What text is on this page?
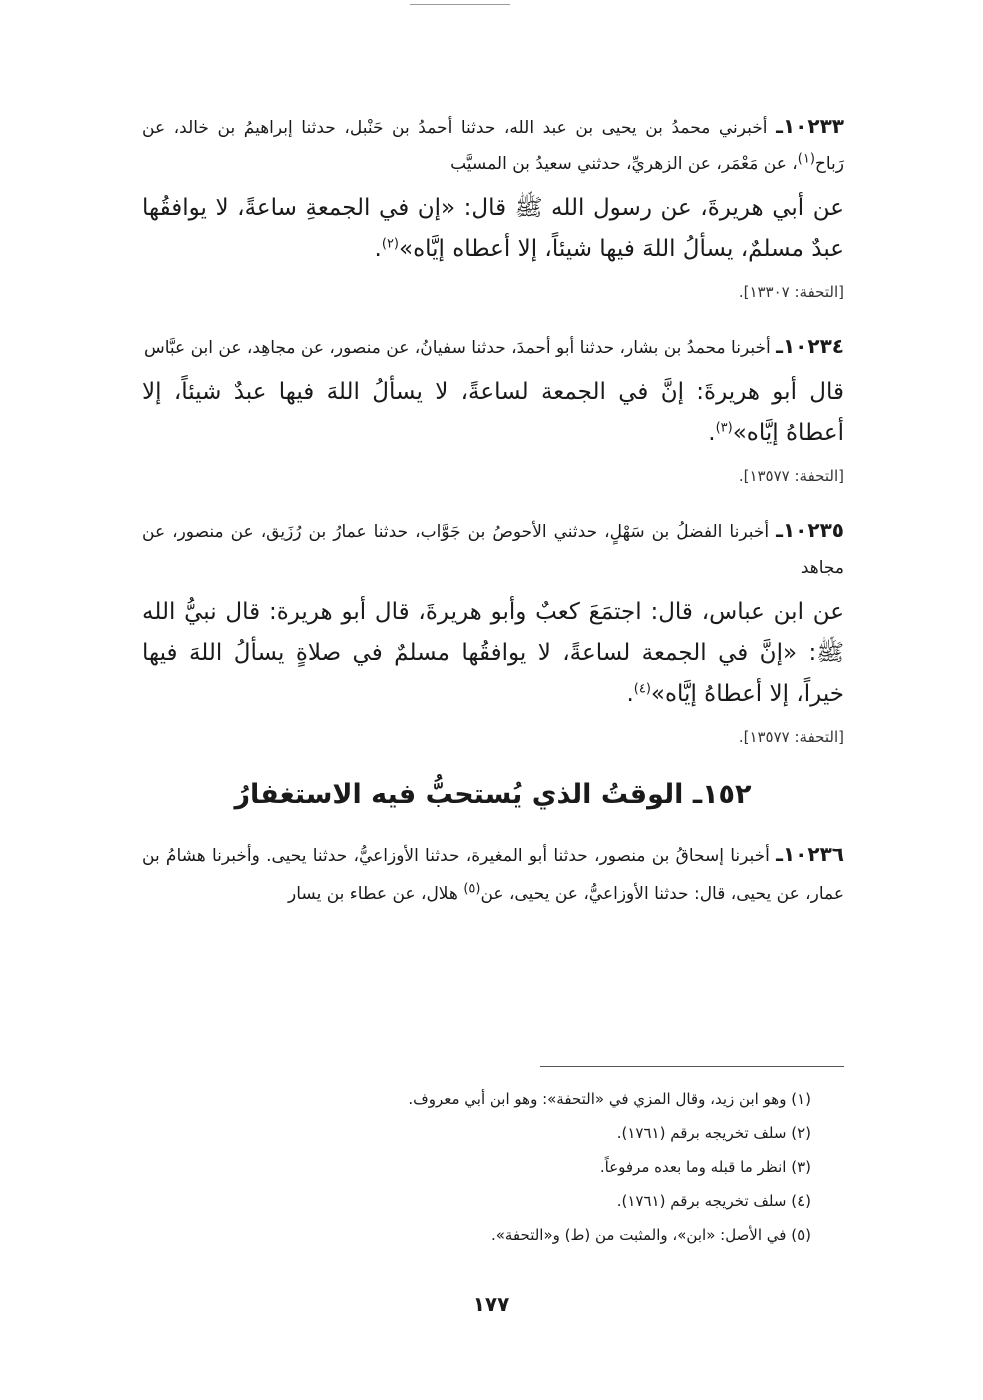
١٠٢٣٣ـ أخبرني محمدُ بن يحيى بن عبد الله، حدثنا أحمدُ بن حَنْبل، حدثنا إبراهيمُ بن خالد، عن رَباح$^{(١)}$، عن مَعْمَر، عن الزهريِّ، حدثني سعيدُ بن المسيَّب

عن أبي هريرةَ، عن رسول الله ﷺ قال: «إن في الجمعةِ ساعةً، لا يوافقُها عبدٌ مسلمٌ، يسألُ اللهَ فيها شيئاً، إلا أعطاه إيَّاه»$^{(٢)}$.

[التحفة: ١٣٣٠٧].

١٠٢٣٤ـ أخبرنا محمدُ بن بشار، حدثنا أبو أحمدَ، حدثنا سفيانُ، عن منصور، عن مجاهِد، عن ابن عبَّاس

قال أبو هريرةَ: إنَّ في الجمعة لساعةً، لا يسألُ اللهَ فيها عبدٌ شيئاً، إلا أعطاهُ إيَّاه»$^{(٣)}$.

[التحفة: ١٣٥٧٧].

١٠٢٣٥ـ أخبرنا الفضلُ بن سَهْلٍ، حدثني الأحوصُ بن جَوَّاب، حدثنا عمارُ بن رُزَيق، عن منصور، عن مجاهد

عن ابن عباس، قال: اجتمَعَ كعبٌ وأبو هريرةَ، قال أبو هريرة: قال نبيُّ الله ﷺ: «إنَّ في الجمعة لساعةً، لا يوافقُها مسلمٌ في صلاةٍ يسألُ اللهَ فيها خيراً، إلا أعطاهُ إيَّاه»$^{(٤)}$.

[التحفة: ١٣٥٧٧].

١٥٢ـ الوقتُ الذي يُستحبُّ فيه الاستغفارُ

١٠٢٣٦ـ أخبرنا إسحاقُ بن منصور، حدثنا أبو المغيرة، حدثنا الأوزاعيُّ، حدثنا يحيى. وأخبرنا هشامُ بن عمار، عن يحيى، قال: حدثنا الأوزاعيُّ، عن يحيى، عن$^{(٥)}$ هلال، عن عطاء بن يسار

(١) وهو ابن زيد، وقال المزي في «التحفة»: وهو ابن أبي معروف.
(٢) سلف تخريجه برقم (١٧٦١).
(٣) انظر ما قبله وما بعده مرفوعاً.
(٤) سلف تخريجه برقم (١٧٦١).
(٥) في الأصل: «ابن»، والمثبت من (ط) و«التحفة».
١٧٧
